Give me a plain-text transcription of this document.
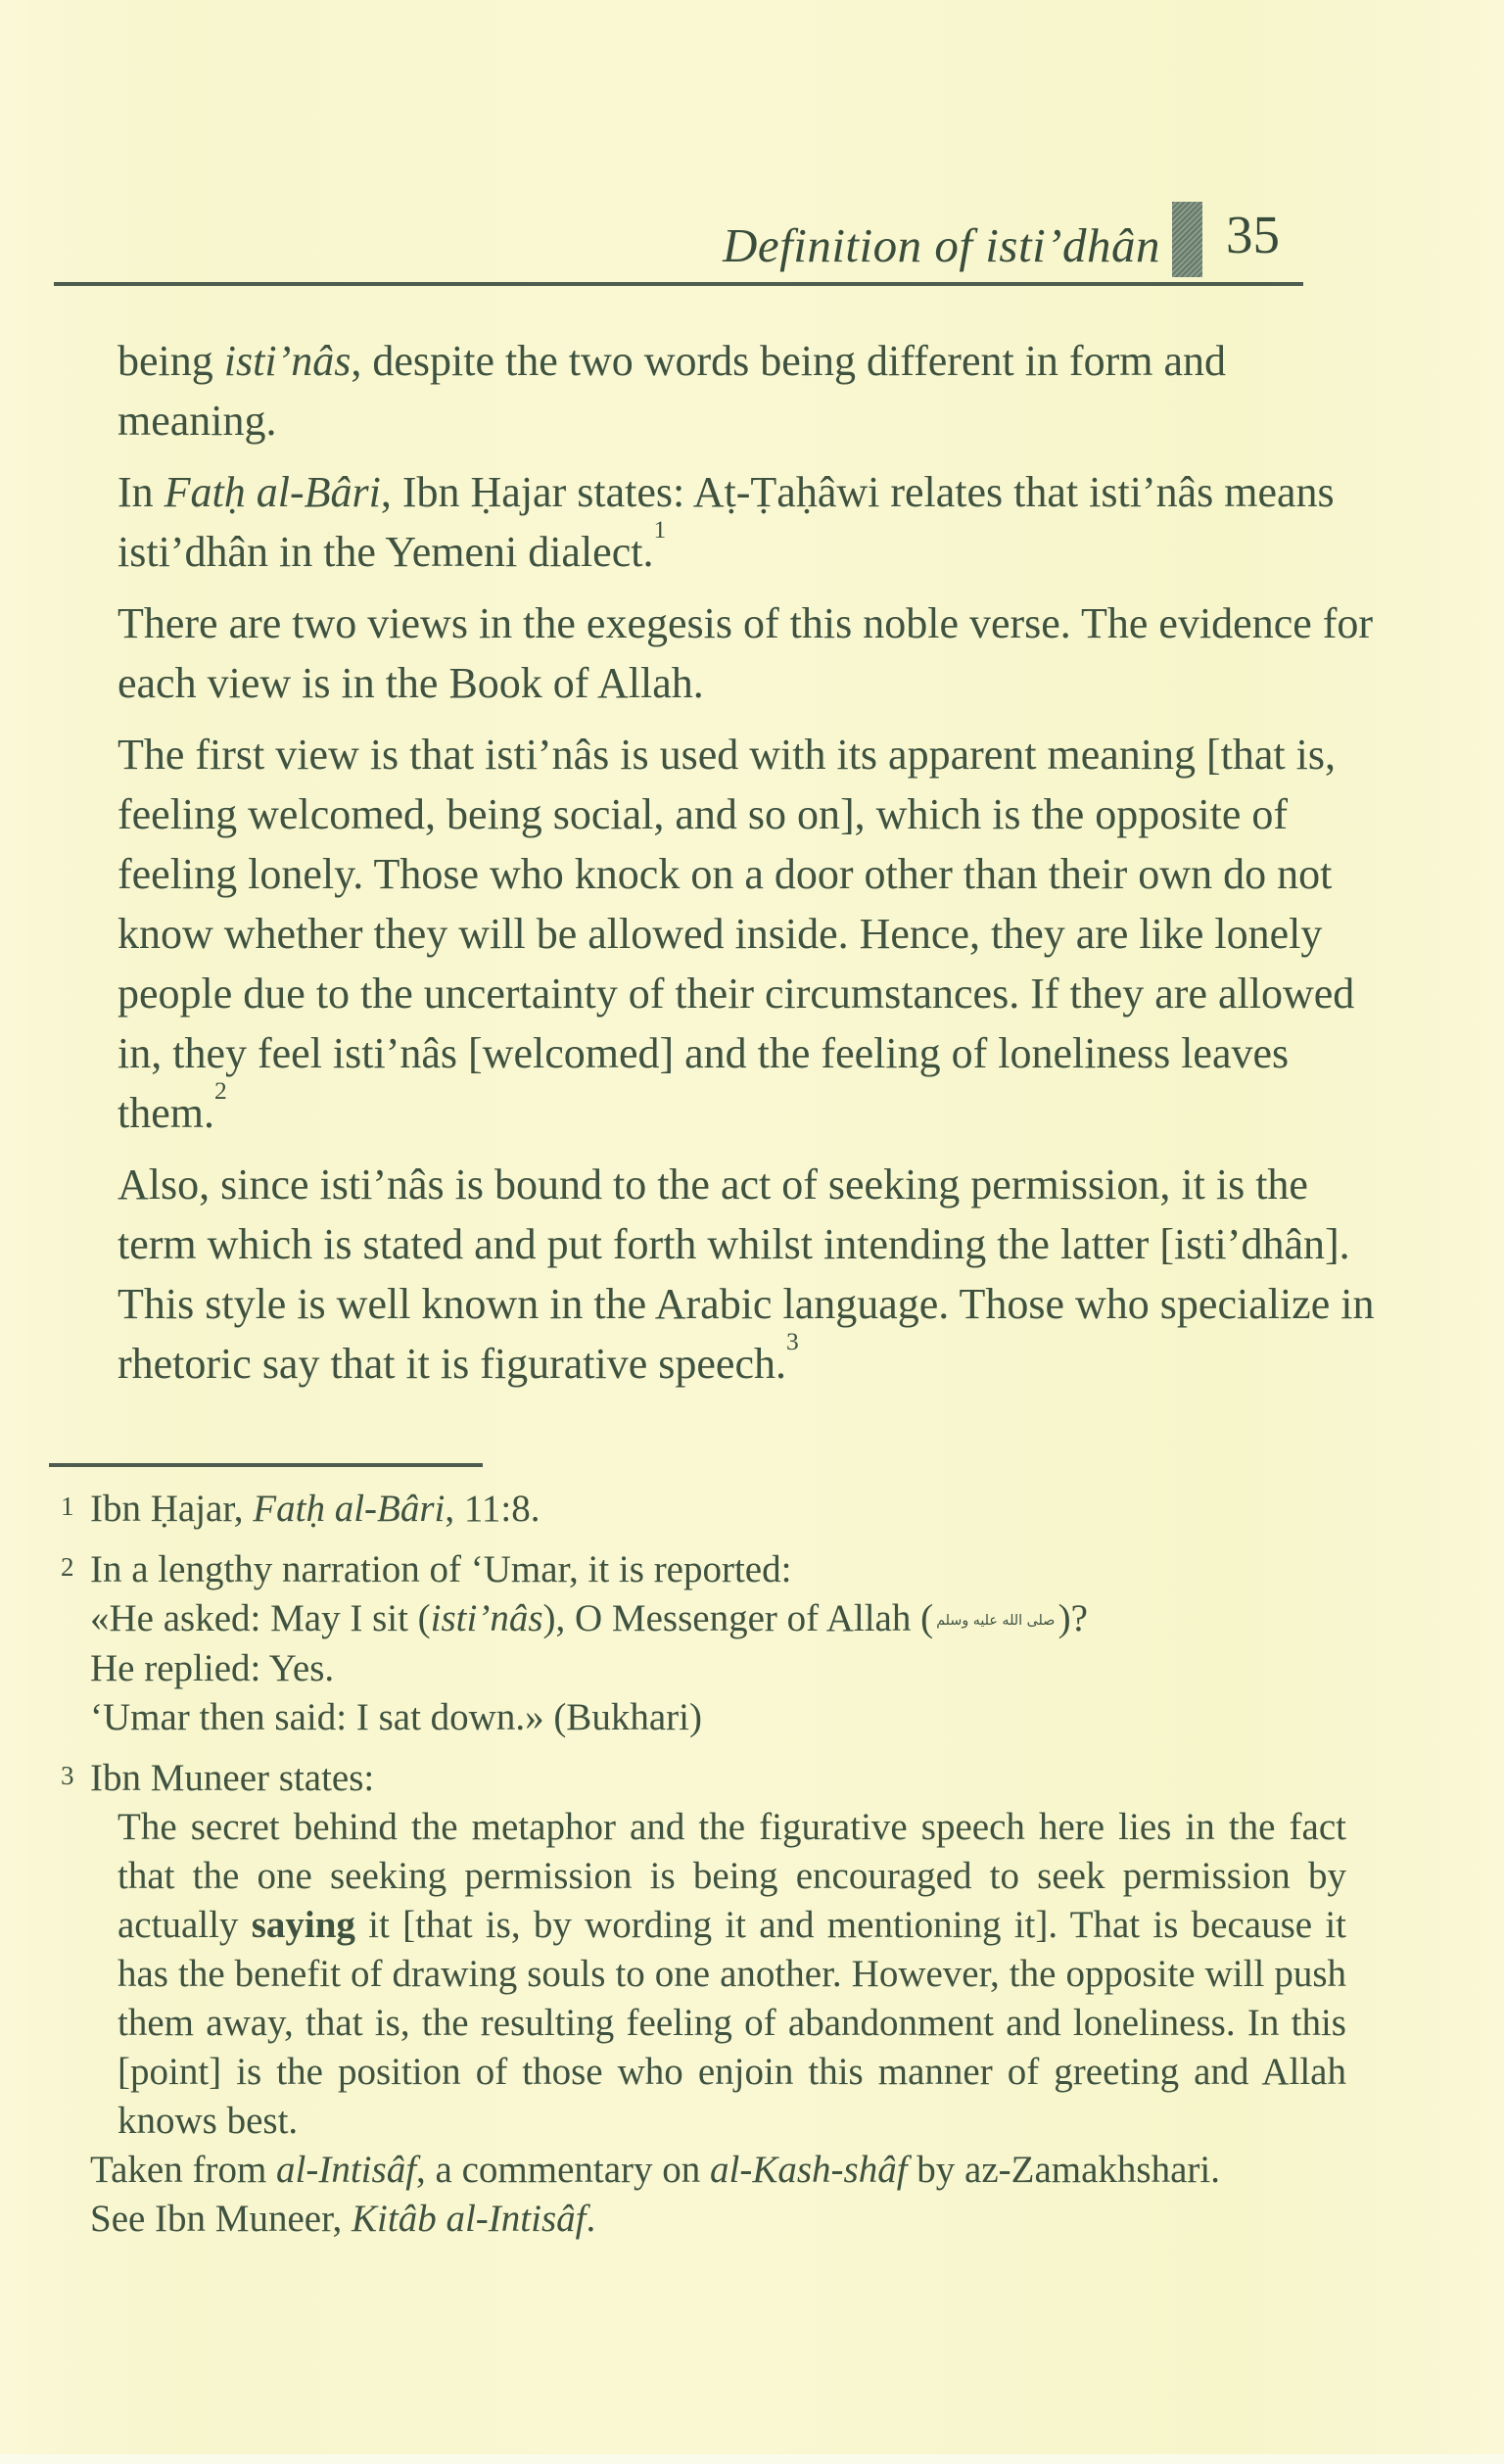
Definition of isti’dhân 35

being isti’nâs, despite the two words being different in form and meaning.

In Fatḥ al-Bâri, Ibn Ḥajar states: Aṭ-Ṭaḥâwi relates that isti’nâs means isti’dhân in the Yemeni dialect.$^1$

There are two views in the exegesis of this noble verse. The evidence for each view is in the Book of Allah.

The first view is that isti’nâs is used with its apparent meaning [that is, feeling welcomed, being social, and so on], which is the opposite of feeling lonely. Those who knock on a door other than their own do not know whether they will be allowed inside. Hence, they are like lonely people due to the uncertainty of their circumstances. If they are allowed in, they feel isti’nâs [welcomed] and the feeling of loneliness leaves them.$^2$

Also, since isti’nâs is bound to the act of seeking permission, it is the term which is stated and put forth whilst intending the latter [isti’dhân]. This style is well known in the Arabic language. Those who specialize in rhetoric say that it is figurative speech.$^3$

1 Ibn Ḥajar, Fatḥ al-Bâri, 11:8.
2 In a lengthy narration of ‘Umar, it is reported:
«He asked: May I sit (isti’nâs), O Messenger of Allah ( صلى الله عليه وسلم)?
He replied: Yes.
‘Umar then said: I sat down.» (Bukhari)
3 Ibn Muneer states:
The secret behind the metaphor and the figurative speech here lies in the fact that the one seeking permission is being encouraged to seek permission by actually saying it [that is, by wording it and mentioning it]. That is because it has the benefit of drawing souls to one another. However, the opposite will push them away, that is, the resulting feeling of abandonment and loneliness. In this [point] is the position of those who enjoin this manner of greeting and Allah knows best.
Taken from al-Intisâf, a commentary on al-Kash-shâf by az-Zamakhshari.
See Ibn Muneer, Kitâb al-Intisâf.
